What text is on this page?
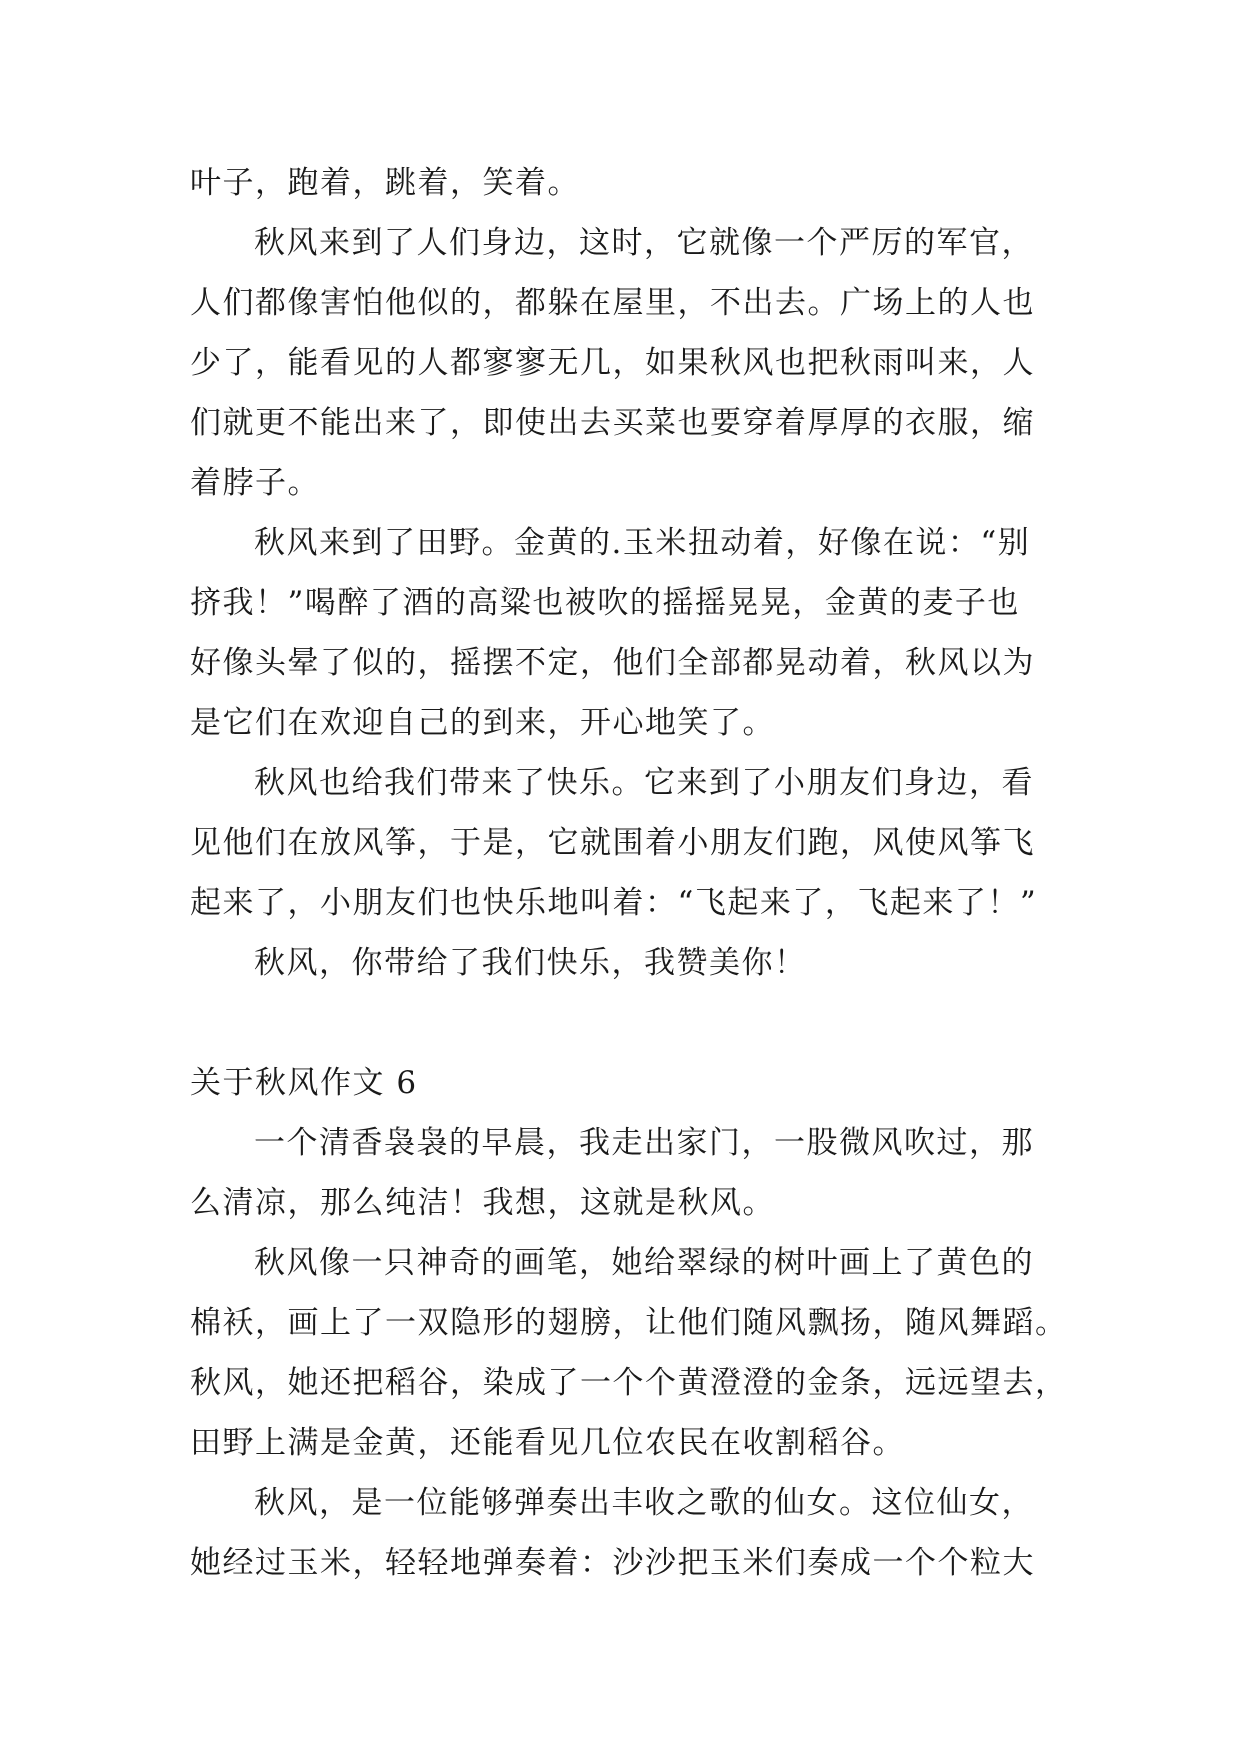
叶子，跑着，跳着，笑着。
秋风来到了人们身边，这时，它就像一个严厉的军官，
人们都像害怕他似的，都躲在屋里，不出去。广场上的人也
少了，能看见的人都寥寥无几，如果秋风也把秋雨叫来，人
们就更不能出来了，即使出去买菜也要穿着厚厚的衣服，缩
着脖子。
秋风来到了田野。金黄的.玉米扭动着，好像在说：“别
挤我！”喝醉了酒的高粱也被吹的摇摇晃晃，金黄的麦子也
好像头晕了似的，摇摆不定，他们全部都晃动着，秋风以为
是它们在欢迎自己的到来，开心地笑了。
秋风也给我们带来了快乐。它来到了小朋友们身边，看
见他们在放风筝，于是，它就围着小朋友们跑，风使风筝飞
起来了，小朋友们也快乐地叫着：“飞起来了，飞起来了！”
秋风，你带给了我们快乐，我赞美你！
关于秋风作文 6
一个清香袅袅的早晨，我走出家门，一股微风吹过，那
么清凉，那么纯洁！我想，这就是秋风。
秋风像一只神奇的画笔，她给翠绿的树叶画上了黄色的
棉袄，画上了一双隐形的翅膀，让他们随风飘扬，随风舞蹈。
秋风，她还把稻谷，染成了一个个黄澄澄的金条，远远望去，
田野上满是金黄，还能看见几位农民在收割稻谷。
秋风，是一位能够弹奏出丰收之歌的仙女。这位仙女，
她经过玉米，轻轻地弹奏着：沙沙把玉米们奏成一个个粒大
